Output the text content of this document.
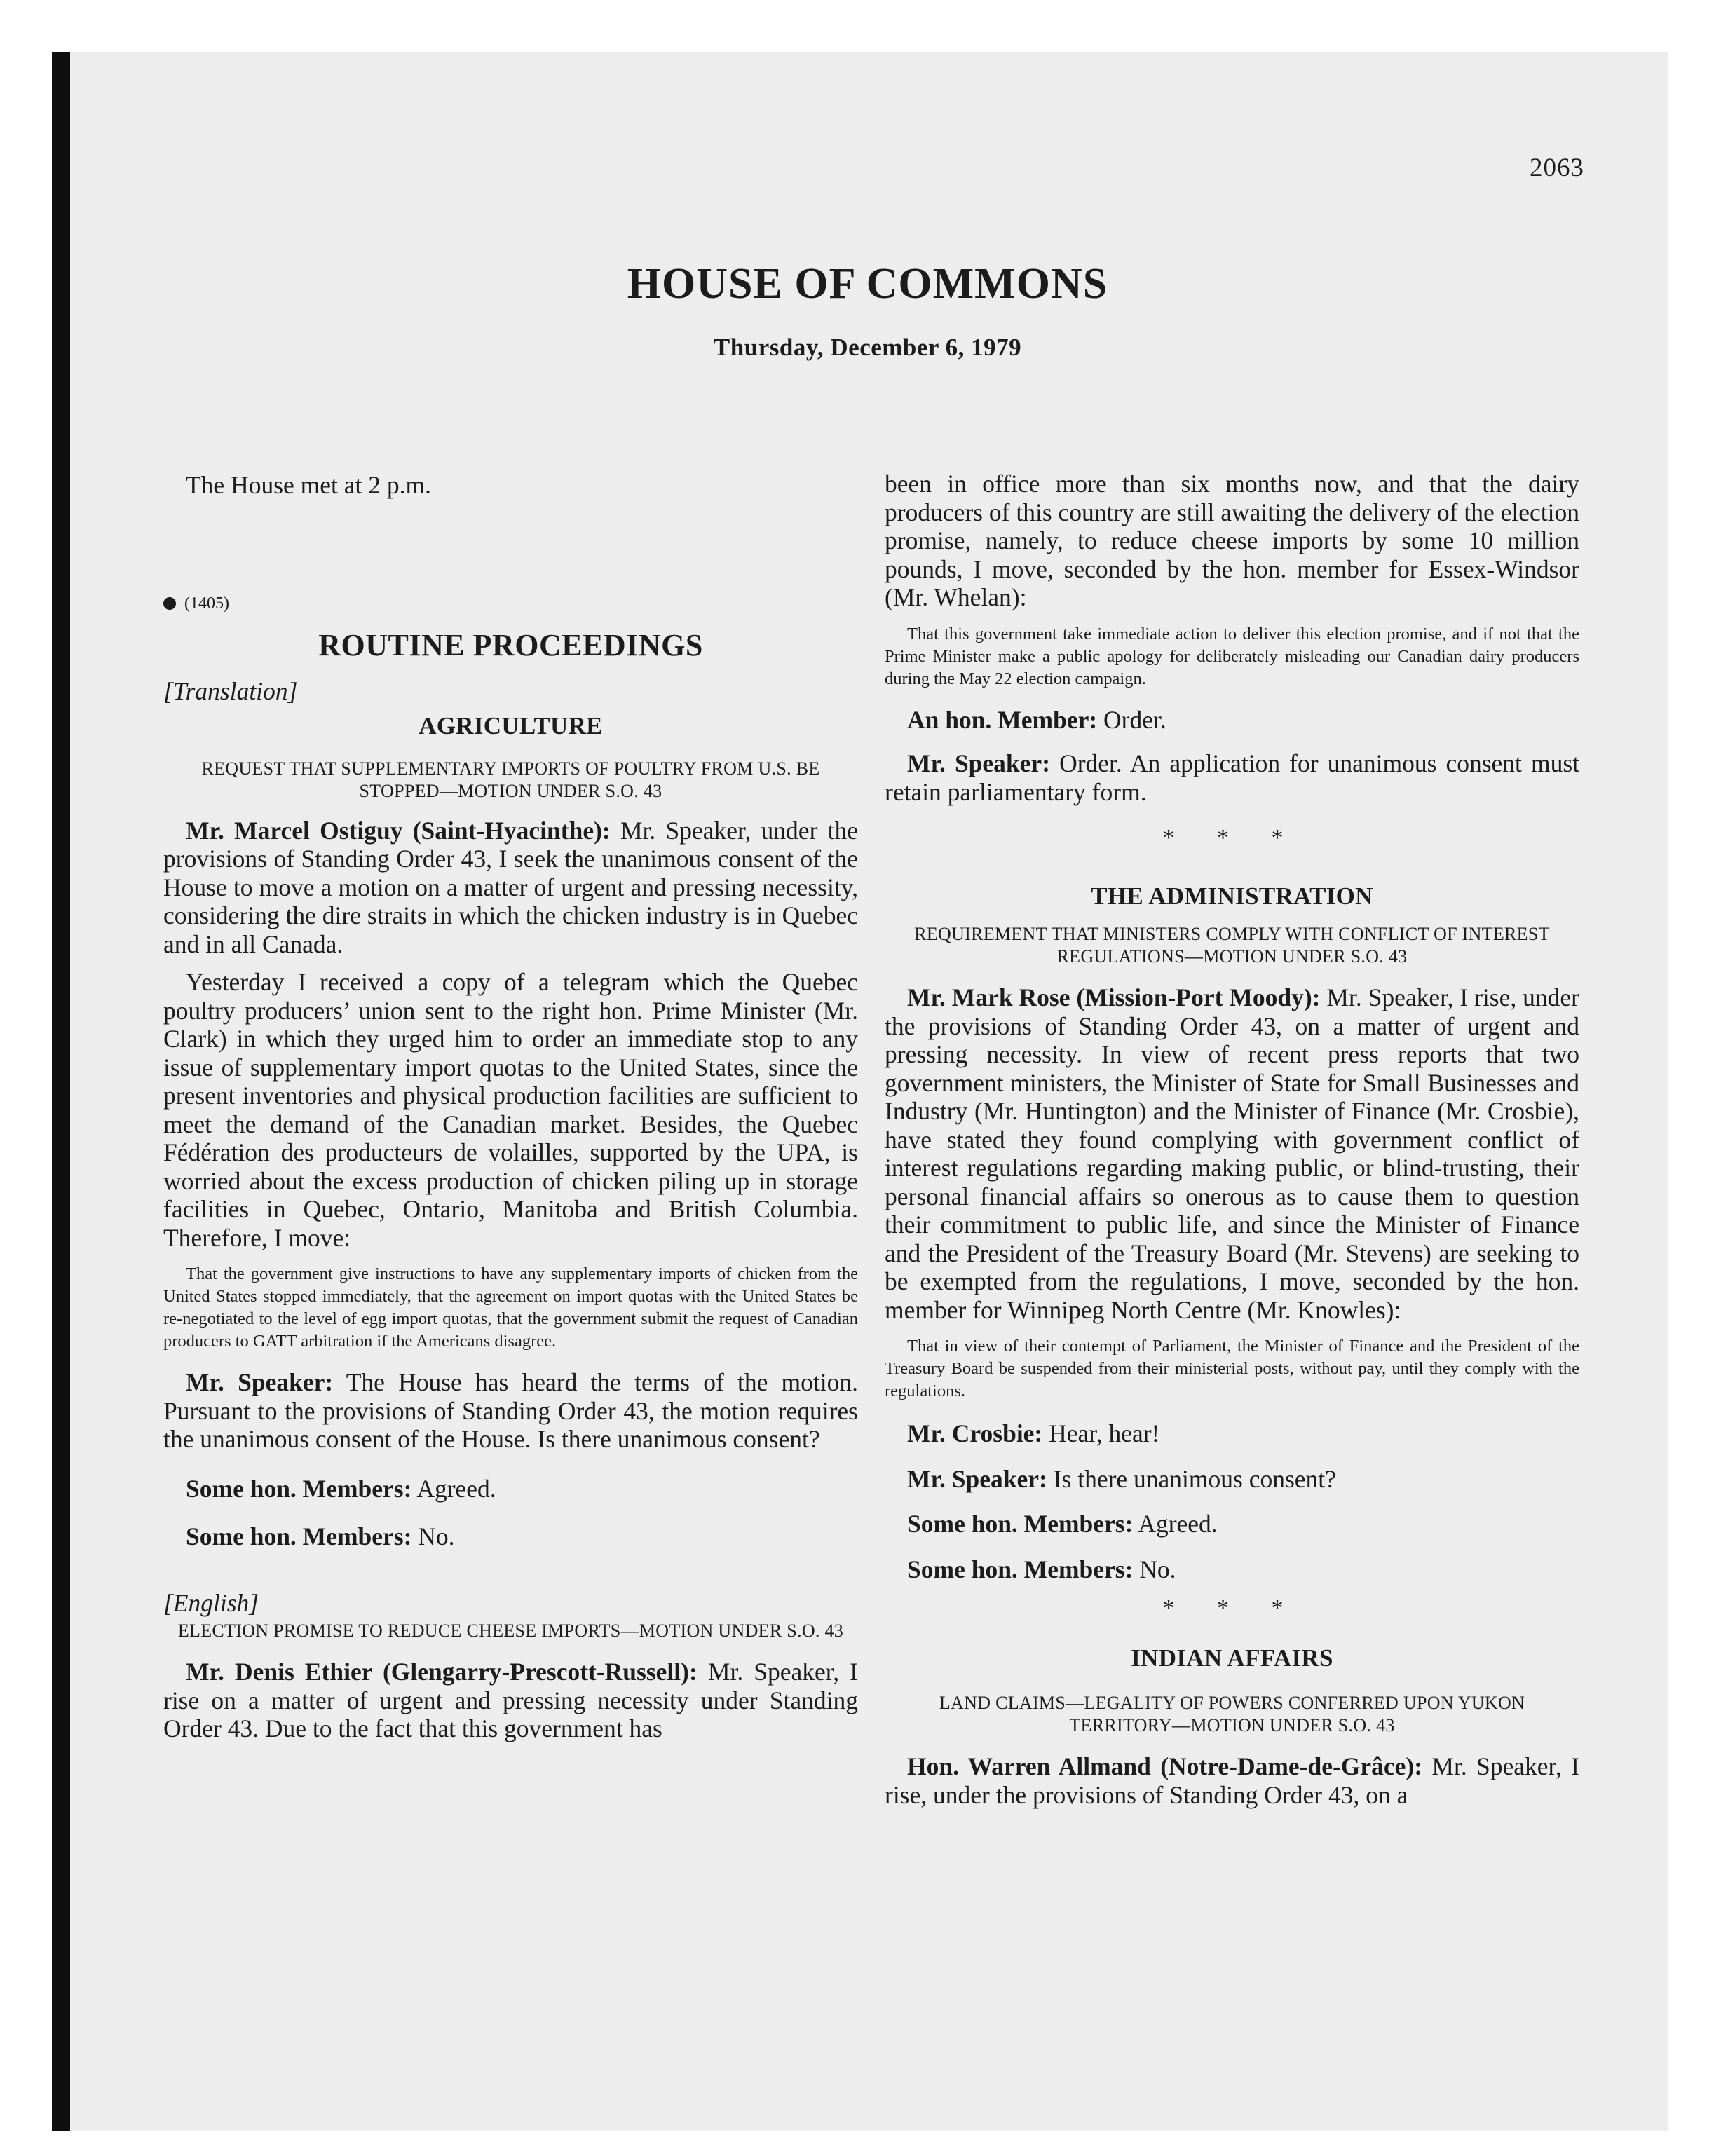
2063
HOUSE OF COMMONS
Thursday, December 6, 1979

The House met at 2 p.m.

(1405)
ROUTINE PROCEEDINGS
[Translation]
AGRICULTURE
REQUEST THAT SUPPLEMENTARY IMPORTS OF POULTRY FROM U.S. BE STOPPED—MOTION UNDER S.O. 43

Mr. Marcel Ostiguy (Saint-Hyacinthe): Mr. Speaker, under the provisions of Standing Order 43, I seek the unanimous consent of the House to move a motion on a matter of urgent and pressing necessity, considering the dire straits in which the chicken industry is in Quebec and in all Canada.

Yesterday I received a copy of a telegram which the Quebec poultry producers’ union sent to the right hon. Prime Minister (Mr. Clark) in which they urged him to order an immediate stop to any issue of supplementary import quotas to the United States, since the present inventories and physical production facilities are sufficient to meet the demand of the Canadian market. Besides, the Quebec Fédération des producteurs de volailles, supported by the UPA, is worried about the excess production of chicken piling up in storage facilities in Quebec, Ontario, Manitoba and British Columbia. Therefore, I move:

That the government give instructions to have any supplementary imports of chicken from the United States stopped immediately, that the agreement on import quotas with the United States be re-negotiated to the level of egg import quotas, that the government submit the request of Canadian producers to GATT arbitration if the Americans disagree.

Mr. Speaker: The House has heard the terms of the motion. Pursuant to the provisions of Standing Order 43, the motion requires the unanimous consent of the House. Is there unanimous consent?

Some hon. Members: Agreed.

Some hon. Members: No.

[English]
ELECTION PROMISE TO REDUCE CHEESE IMPORTS—MOTION UNDER S.O. 43

Mr. Denis Ethier (Glengarry-Prescott-Russell): Mr. Speaker, I rise on a matter of urgent and pressing necessity under Standing Order 43. Due to the fact that this government has

been in office more than six months now, and that the dairy producers of this country are still awaiting the delivery of the election promise, namely, to reduce cheese imports by some 10 million pounds, I move, seconded by the hon. member for Essex-Windsor (Mr. Whelan):

That this government take immediate action to deliver this election promise, and if not that the Prime Minister make a public apology for deliberately misleading our Canadian dairy producers during the May 22 election campaign.

An hon. Member: Order.

Mr. Speaker: Order. An application for unanimous consent must retain parliamentary form.

* * *
THE ADMINISTRATION
REQUIREMENT THAT MINISTERS COMPLY WITH CONFLICT OF INTEREST REGULATIONS—MOTION UNDER S.O. 43

Mr. Mark Rose (Mission-Port Moody): Mr. Speaker, I rise, under the provisions of Standing Order 43, on a matter of urgent and pressing necessity. In view of recent press reports that two government ministers, the Minister of State for Small Businesses and Industry (Mr. Huntington) and the Minister of Finance (Mr. Crosbie), have stated they found complying with government conflict of interest regulations regarding making public, or blind-trusting, their personal financial affairs so onerous as to cause them to question their commitment to public life, and since the Minister of Finance and the President of the Treasury Board (Mr. Stevens) are seeking to be exempted from the regulations, I move, seconded by the hon. member for Winnipeg North Centre (Mr. Knowles):

That in view of their contempt of Parliament, the Minister of Finance and the President of the Treasury Board be suspended from their ministerial posts, without pay, until they comply with the regulations.

Mr. Crosbie: Hear, hear!

Mr. Speaker: Is there unanimous consent?

Some hon. Members: Agreed.

Some hon. Members: No.

* * *
INDIAN AFFAIRS
LAND CLAIMS—LEGALITY OF POWERS CONFERRED UPON YUKON TERRITORY—MOTION UNDER S.O. 43

Hon. Warren Allmand (Notre-Dame-de-Grâce): Mr. Speaker, I rise, under the provisions of Standing Order 43, on a
